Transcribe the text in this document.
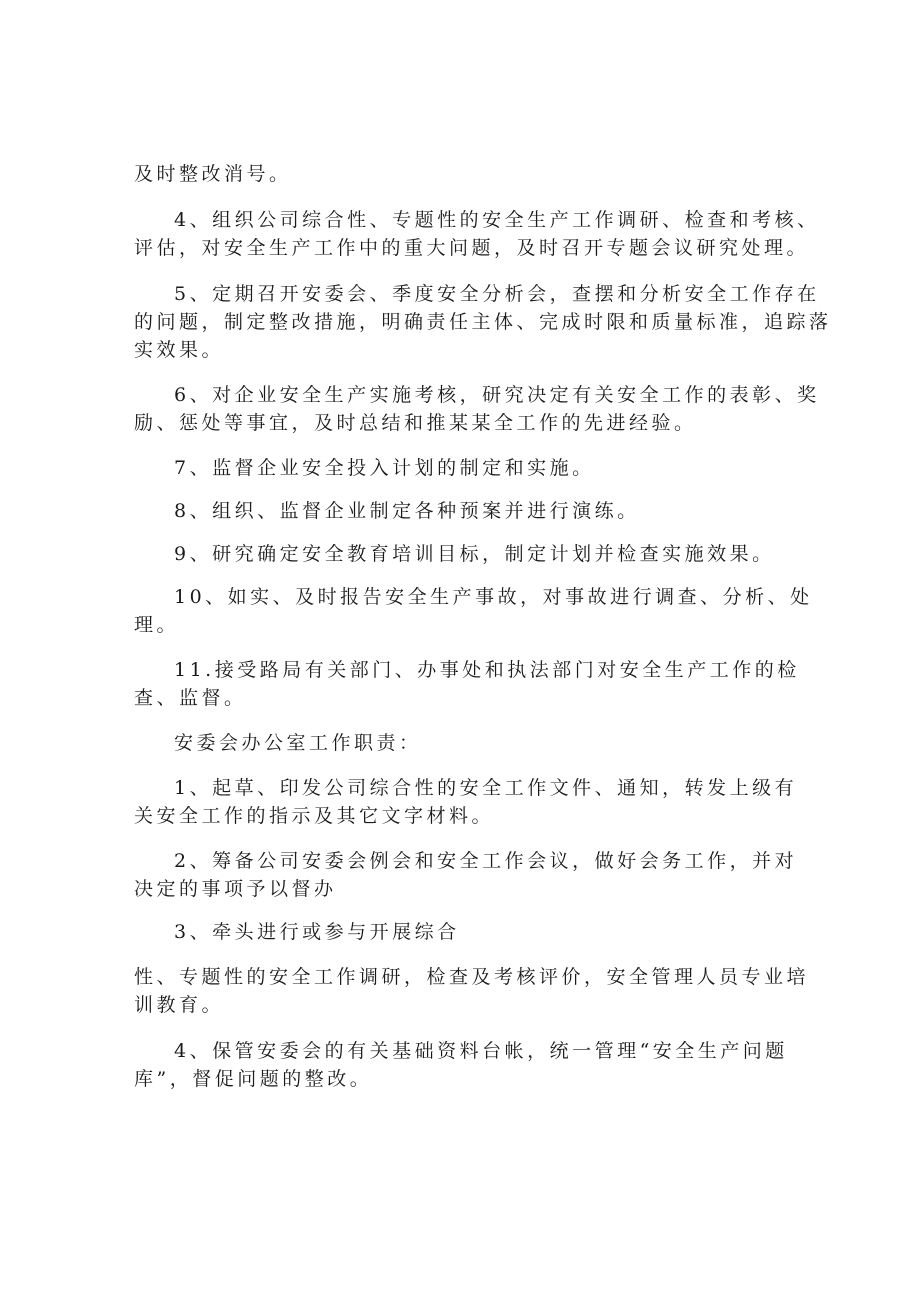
及时整改消号。
4、组织公司综合性、专题性的安全生产工作调研、检查和考核、
评估，对安全生产工作中的重大问题，及时召开专题会议研究处理。
5、定期召开安委会、季度安全分析会，查摆和分析安全工作存在
的问题，制定整改措施，明确责任主体、完成时限和质量标准，追踪落
实效果。
6、对企业安全生产实施考核，研究决定有关安全工作的表彰、奖
励、惩处等事宜，及时总结和推某某全工作的先进经验。
7、监督企业安全投入计划的制定和实施。
8、组织、监督企业制定各种预案并进行演练。
9、研究确定安全教育培训目标，制定计划并检查实施效果。
10、如实、及时报告安全生产事故，对事故进行调查、分析、处
理。
11.接受路局有关部门、办事处和执法部门对安全生产工作的检
查、监督。
安委会办公室工作职责：
1、起草、印发公司综合性的安全工作文件、通知，转发上级有
关安全工作的指示及其它文字材料。
2、筹备公司安委会例会和安全工作会议，做好会务工作，并对
决定的事项予以督办
3、牵头进行或参与开展综合
性、专题性的安全工作调研，检查及考核评价，安全管理人员专业培
训教育。
4、保管安委会的有关基础资料台帐，统一管理“安全生产问题
库”，督促问题的整改。
